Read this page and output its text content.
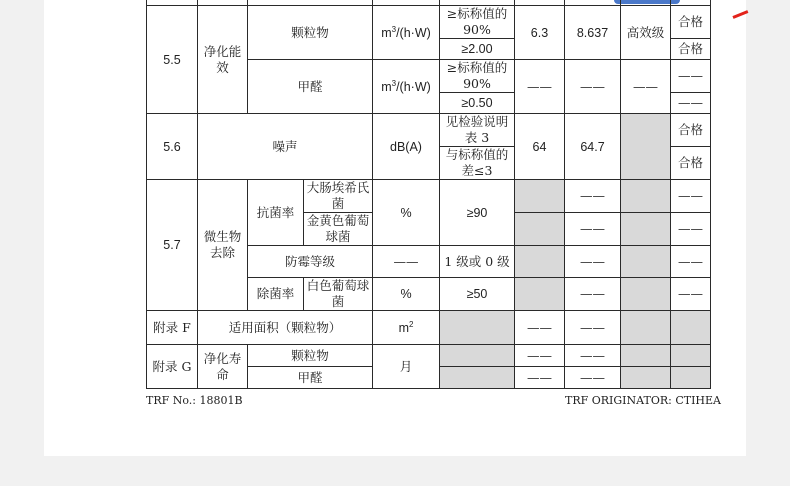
5.5	净化能效	颗粒物		$m^3/(h\cdot W)$	≥标称值的90%	6.3	8.637	高效级	合格
					≥2.00				合格
		甲醛		$m^3/(h\cdot W)$	≥标称值的90%	——	——	——	——
					≥0.50				——
5.6	噪声			dB(A)	见检验说明表 3	64	64.7		合格
					与标称值的差≤3				合格
5.7	微生物去除	抗菌率	大肠埃希氏菌	%	≥90		——		——
			金黄色葡萄球菌				——		——
		防霉等级		——	1 级或 0 级		——		——
		除菌率	白色葡萄球菌	%	≥50		——		——
附录 F	适用面积（颗粒物）			$m^2$		——	——		
附录 G	净化寿命	颗粒物		月		——	——		
		甲醛				——	——		
TRF No.: 18801B	TRF ORIGINATOR: CTIHEA
